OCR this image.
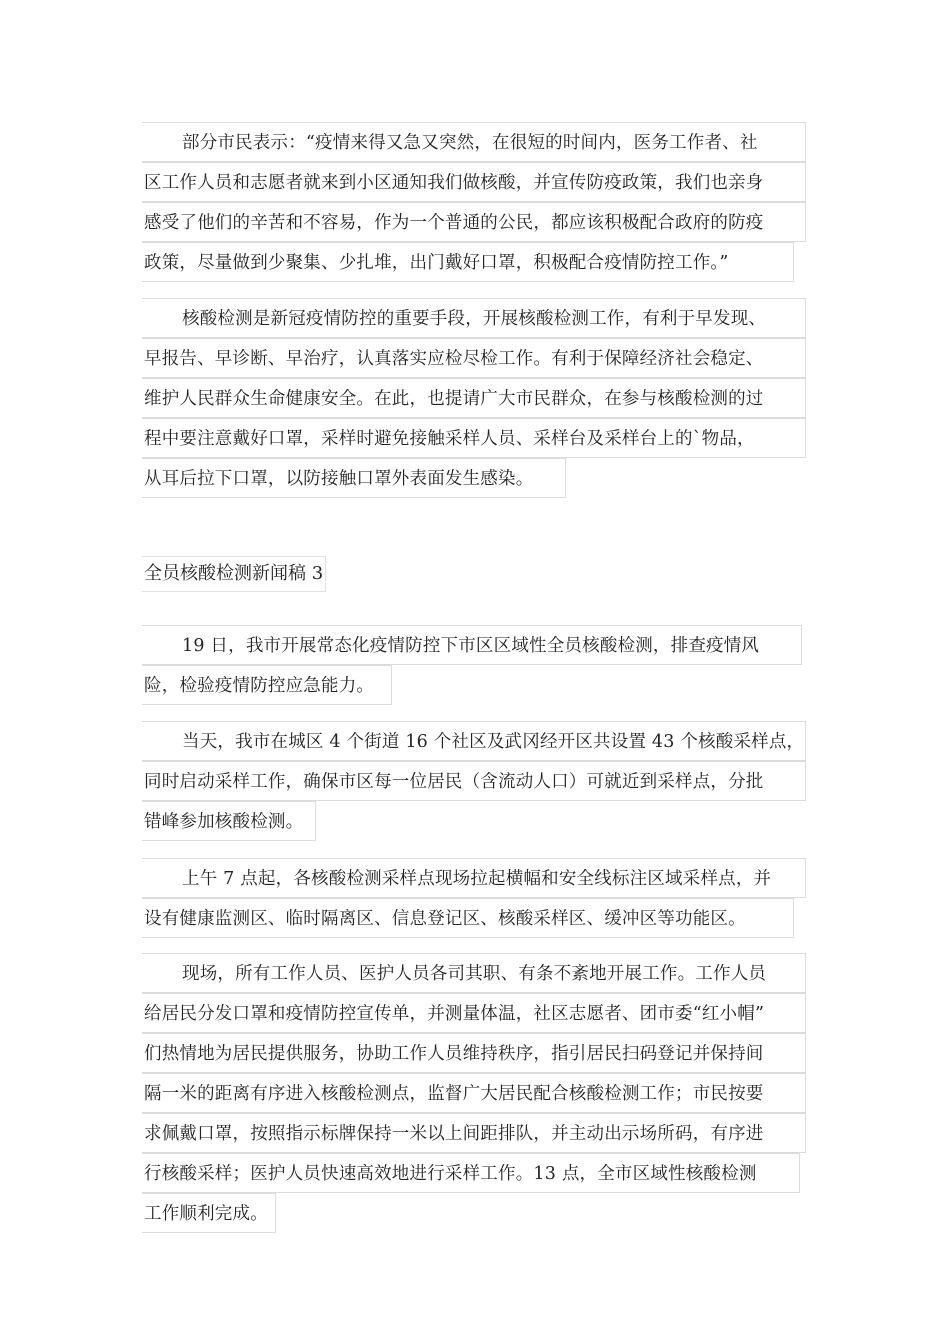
部分市民表示：“疫情来得又急又突然，在很短的时间内，医务工作者、社
区工作人员和志愿者就来到小区通知我们做核酸，并宣传防疫政策，我们也亲身
感受了他们的辛苦和不容易，作为一个普通的公民，都应该积极配合政府的防疫
政策，尽量做到少聚集、少扎堆，出门戴好口罩，积极配合疫情防控工作。”
核酸检测是新冠疫情防控的重要手段，开展核酸检测工作，有利于早发现、
早报告、早诊断、早治疗，认真落实应检尽检工作。有利于保障经济社会稳定、
维护人民群众生命健康安全。在此，也提请广大市民群众，在参与核酸检测的过
程中要注意戴好口罩，采样时避免接触采样人员、采样台及采样台上的`物品，
从耳后拉下口罩，以防接触口罩外表面发生感染。
全员核酸检测新闻稿 3
19 日，我市开展常态化疫情防控下市区区域性全员核酸检测，排查疫情风
险，检验疫情防控应急能力。
当天，我市在城区 4 个街道 16 个社区及武冈经开区共设置 43 个核酸采样点，
同时启动采样工作，确保市区每一位居民（含流动人口）可就近到采样点，分批
错峰参加核酸检测。
上午 7 点起，各核酸检测采样点现场拉起横幅和安全线标注区域采样点，并
设有健康监测区、临时隔离区、信息登记区、核酸采样区、缓冲区等功能区。
现场，所有工作人员、医护人员各司其职、有条不紊地开展工作。工作人员
给居民分发口罩和疫情防控宣传单，并测量体温，社区志愿者、团市委“红小帽”
们热情地为居民提供服务，协助工作人员维持秩序，指引居民扫码登记并保持间
隔一米的距离有序进入核酸检测点，监督广大居民配合核酸检测工作；市民按要
求佩戴口罩，按照指示标牌保持一米以上间距排队，并主动出示场所码，有序进
行核酸采样；医护人员快速高效地进行采样工作。13 点，全市区域性核酸检测
工作顺利完成。
